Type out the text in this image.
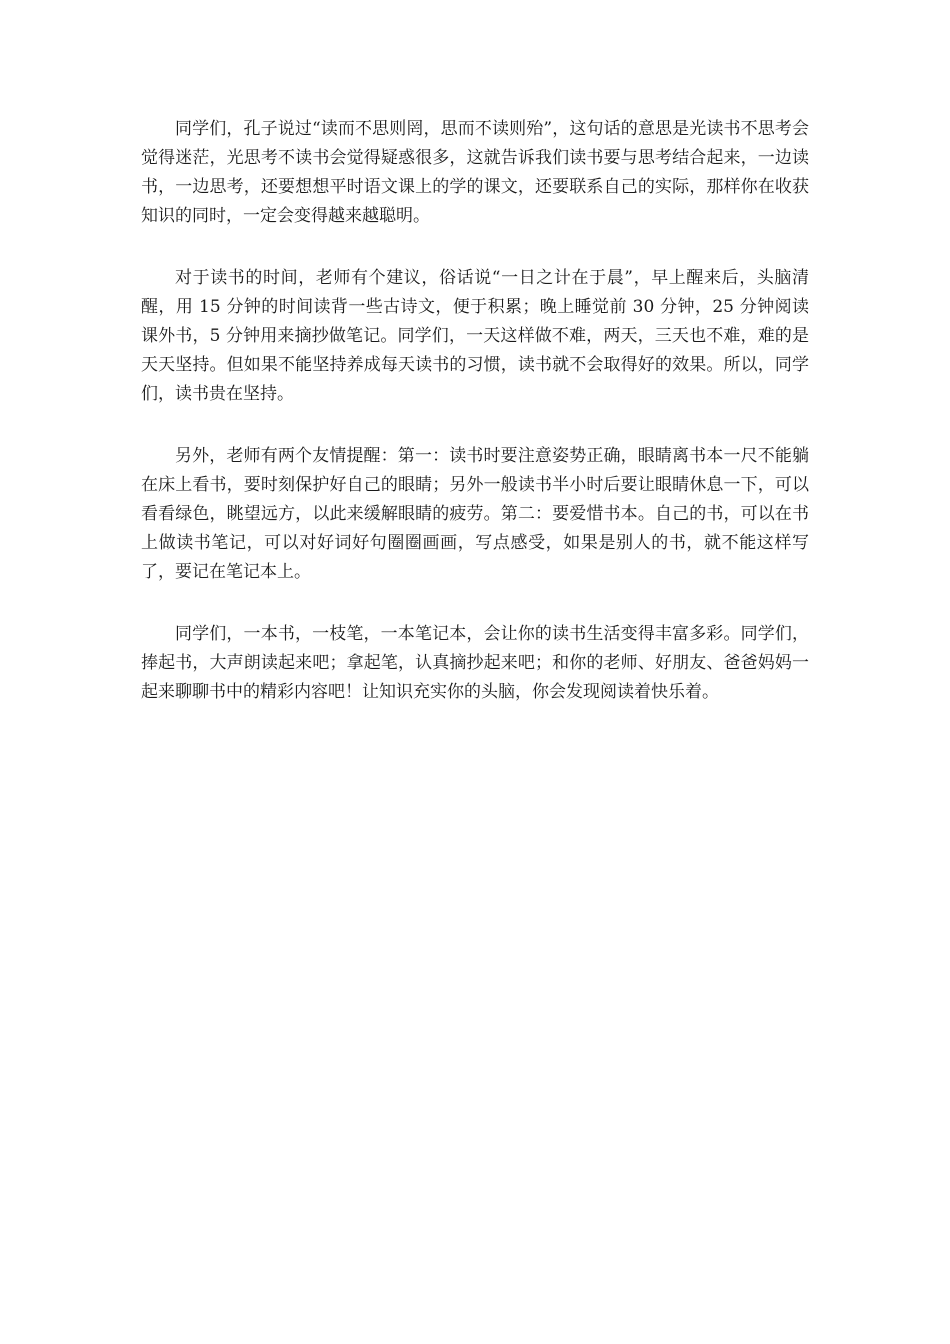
同学们，孔子说过“读而不思则罔，思而不读则殆”，这句话的意思是光读书不思考会觉得迷茫，光思考不读书会觉得疑惑很多，这就告诉我们读书要与思考结合起来，一边读书，一边思考，还要想想平时语文课上的学的课文，还要联系自己的实际，那样你在收获知识的同时，一定会变得越来越聪明。

对于读书的时间，老师有个建议，俗话说“一日之计在于晨”，早上醒来后，头脑清醒，用 15 分钟的时间读背一些古诗文，便于积累；晚上睡觉前 30 分钟，25 分钟阅读课外书，5 分钟用来摘抄做笔记。同学们，一天这样做不难，两天，三天也不难，难的是天天坚持。但如果不能坚持养成每天读书的习惯，读书就不会取得好的效果。所以，同学们，读书贵在坚持。

另外，老师有两个友情提醒：第一：读书时要注意姿势正确，眼睛离书本一尺不能躺在床上看书，要时刻保护好自己的眼睛；另外一般读书半小时后要让眼睛休息一下，可以看看绿色，眺望远方，以此来缓解眼睛的疲劳。第二：要爱惜书本。自己的书，可以在书上做读书笔记，可以对好词好句圈圈画画，写点感受，如果是别人的书，就不能这样写了，要记在笔记本上。

同学们，一本书，一枝笔，一本笔记本，会让你的读书生活变得丰富多彩。同学们，捧起书，大声朗读起来吧；拿起笔，认真摘抄起来吧；和你的老师、好朋友、爸爸妈妈一起来聊聊书中的精彩内容吧！让知识充实你的头脑，你会发现阅读着快乐着。
